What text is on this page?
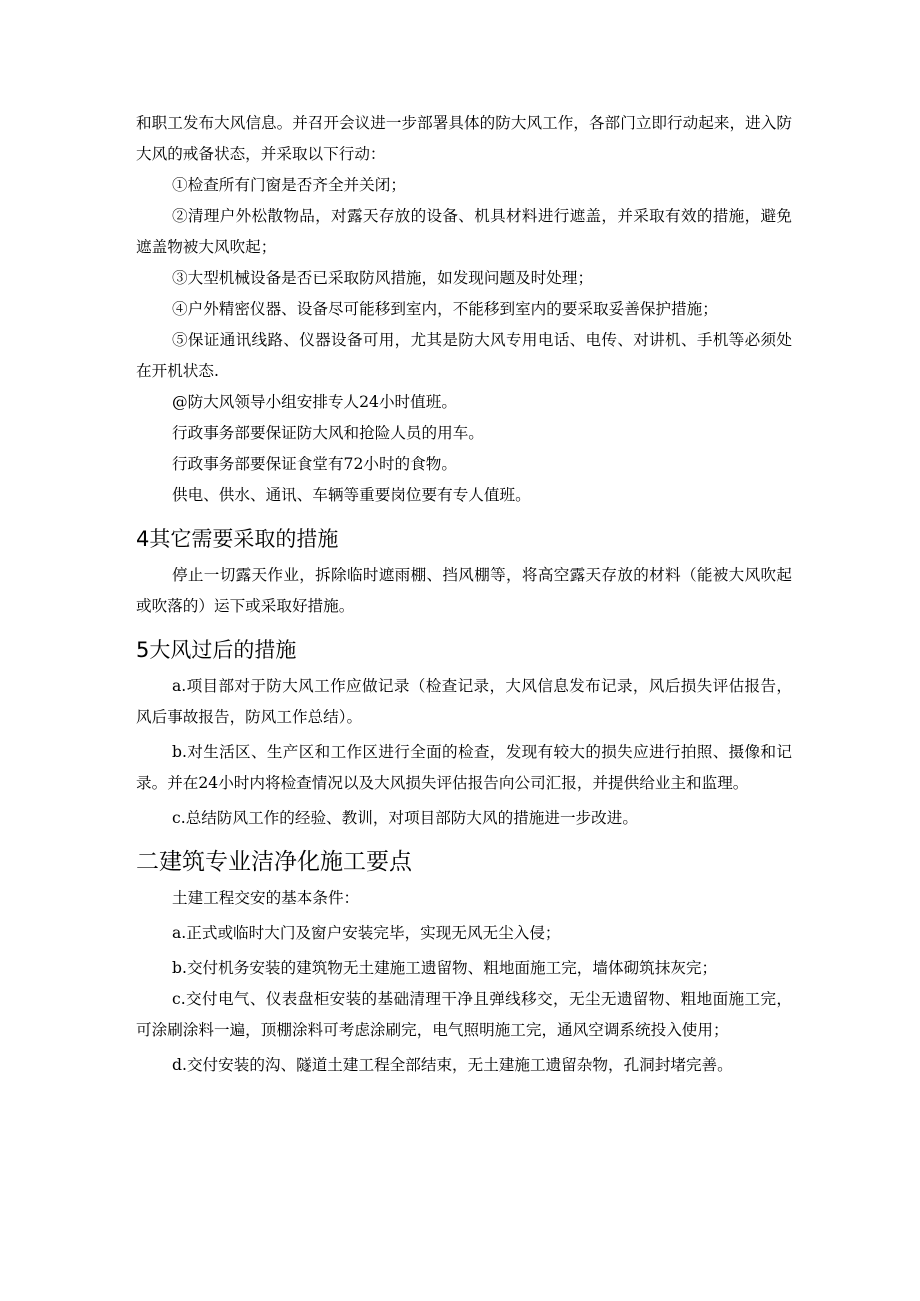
和职工发布大风信息。并召开会议进一步部署具体的防大风工作，各部门立即行动起来，进入防大风的戒备状态，并采取以下行动：

①检查所有门窗是否齐全并关闭；

②清理户外松散物品，对露天存放的设备、机具材料进行遮盖，并采取有效的措施，避免遮盖物被大风吹起；

③大型机械设备是否已采取防风措施，如发现问题及时处理；

④户外精密仪器、设备尽可能移到室内，不能移到室内的要采取妥善保护措施；

⑤保证通讯线路、仪器设备可用，尤其是防大风专用电话、电传、对讲机、手机等必须处在开机状态.

@防大风领导小组安排专人24小时值班。

行政事务部要保证防大风和抢险人员的用车。

行政事务部要保证食堂有72小时的食物。

供电、供水、通讯、车辆等重要岗位要有专人值班。

4其它需要采取的措施

停止一切露天作业，拆除临时遮雨棚、挡风棚等，将高空露天存放的材料（能被大风吹起或吹落的）运下或采取好措施。

5大风过后的措施

a.项目部对于防大风工作应做记录（检查记录，大风信息发布记录，风后损失评估报告，风后事故报告，防风工作总结）。

b.对生活区、生产区和工作区进行全面的检查，发现有较大的损失应进行拍照、摄像和记录。并在24小时内将检查情况以及大风损失评估报告向公司汇报，并提供给业主和监理。

c.总结防风工作的经验、教训，对项目部防大风的措施进一步改进。

二建筑专业洁净化施工要点

土建工程交安的基本条件：

a.正式或临时大门及窗户安装完毕，实现无风无尘入侵；

b.交付机务安装的建筑物无土建施工遗留物、粗地面施工完，墙体砌筑抹灰完；

c.交付电气、仪表盘柜安装的基础清理干净且弹线移交，无尘无遗留物、粗地面施工完，可涂刷涂料一遍，顶棚涂料可考虑涂刷完，电气照明施工完，通风空调系统投入使用；

d.交付安装的沟、隧道土建工程全部结束，无土建施工遗留杂物，孔洞封堵完善。
